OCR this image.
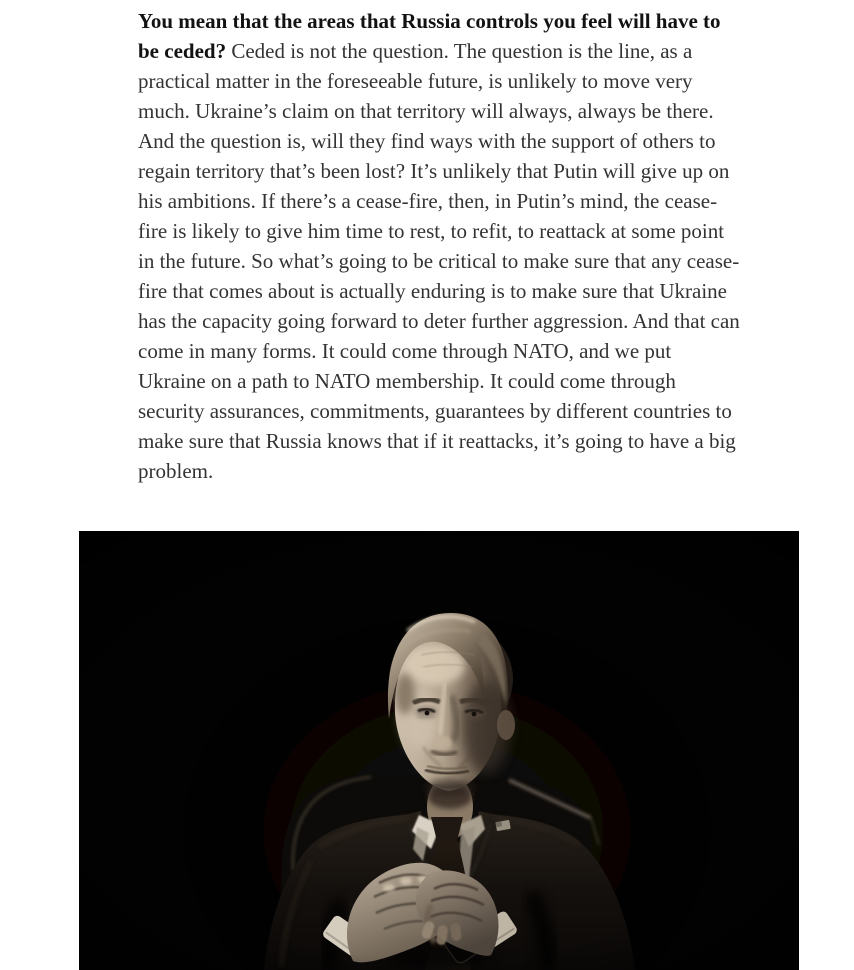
You mean that the areas that Russia controls you feel will have to be ceded? Ceded is not the question. The question is the line, as a practical matter in the foreseeable future, is unlikely to move very much. Ukraine’s claim on that territory will always, always be there. And the question is, will they find ways with the support of others to regain territory that’s been lost? It’s unlikely that Putin will give up on his ambitions. If there’s a cease-fire, then, in Putin’s mind, the cease-fire is likely to give him time to rest, to refit, to reattack at some point in the future. So what’s going to be critical to make sure that any cease-fire that comes about is actually enduring is to make sure that Ukraine has the capacity going forward to deter further aggression. And that can come in many forms. It could come through NATO, and we put Ukraine on a path to NATO membership. It could come through security assurances, commitments, guarantees by different countries to make sure that Russia knows that if it reattacks, it’s going to have a big problem.
